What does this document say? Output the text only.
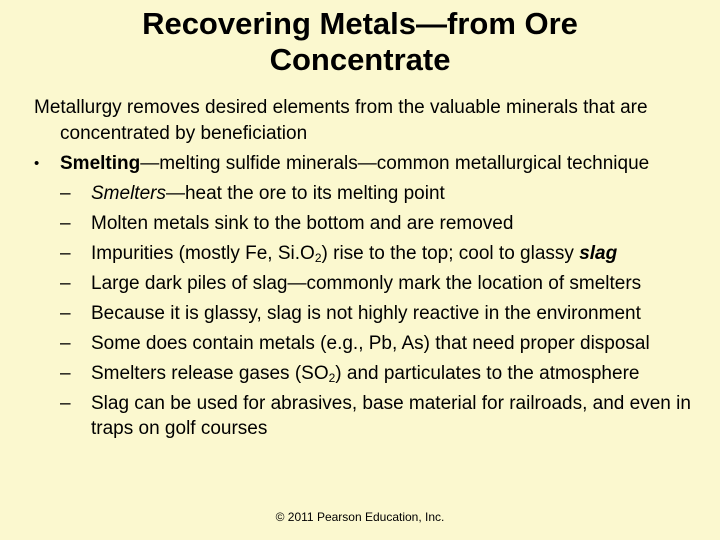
Recovering Metals—from Ore
Concentrate
Metallurgy removes desired elements from the valuable minerals that are concentrated by beneficiation
•	Smelting—melting sulfide minerals—common metallurgical technique
–	Smelters—heat the ore to its melting point
–	Molten metals sink to the bottom and are removed
–	Impurities (mostly Fe, $Si.O_2$) rise to the top; cool to glassy slag
–	Large dark piles of slag—commonly mark the location of smelters
–	Because it is glassy, slag is not highly reactive in the environment
–	Some does contain metals (e.g., Pb, As) that need proper disposal
–	Smelters release gases $(SO_2)$ and particulates to the atmosphere
–	Slag can be used for abrasives, base material for railroads, and even in traps on golf courses
© 2011 Pearson Education, Inc.
